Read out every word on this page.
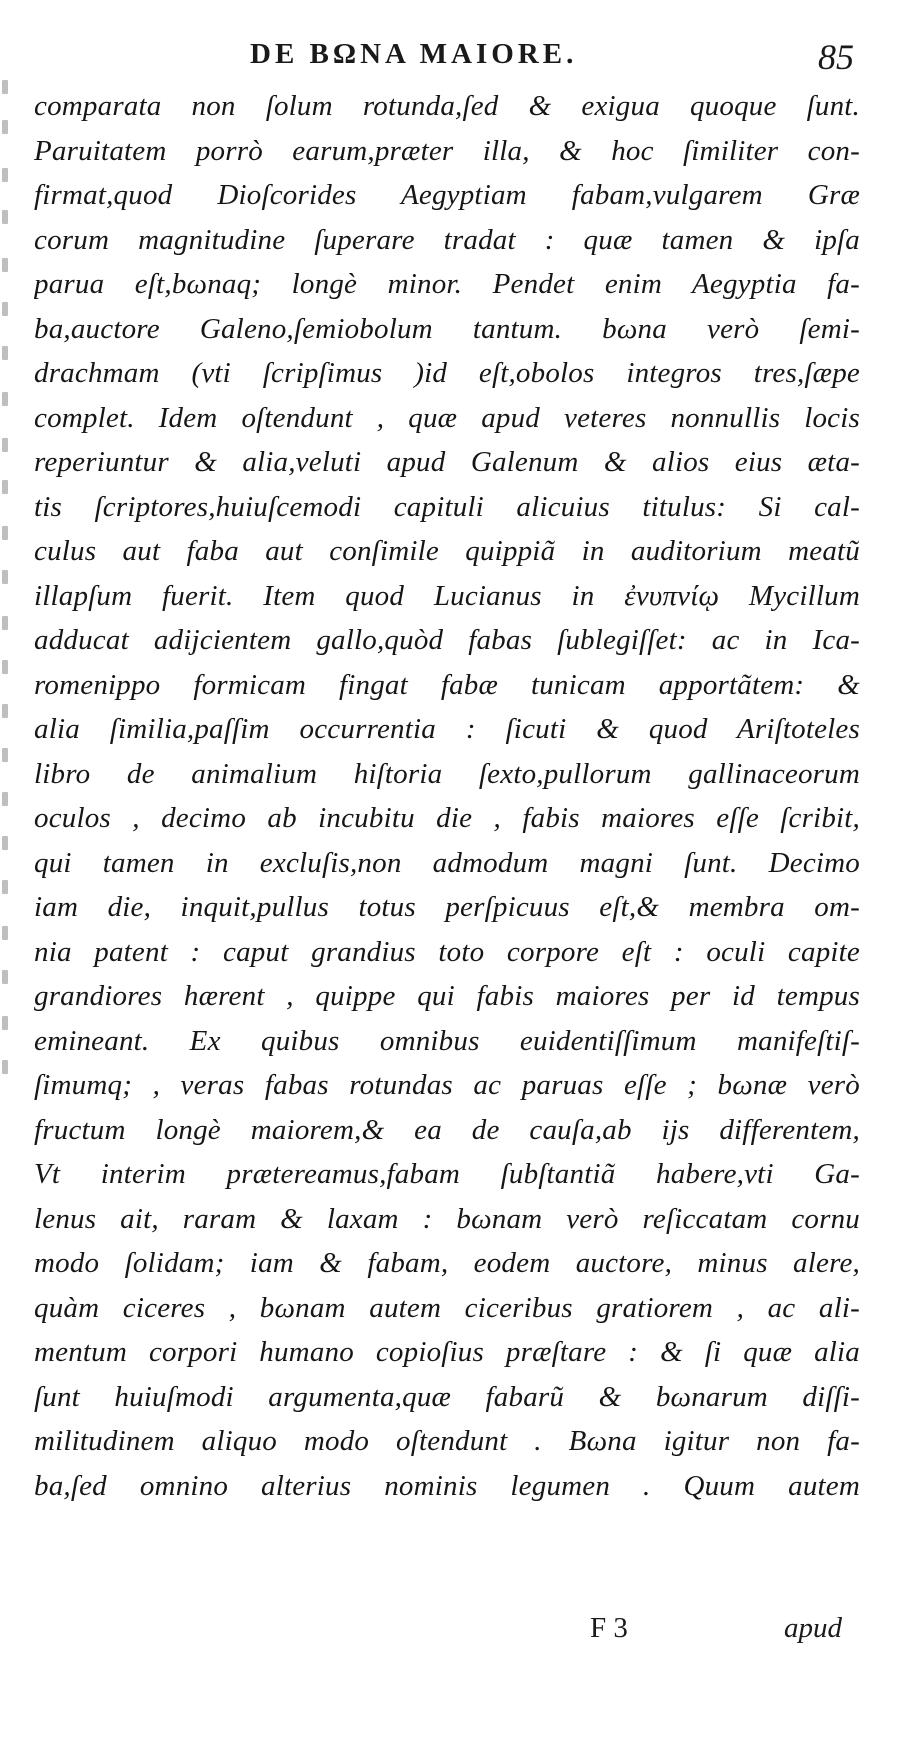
DE BΩNA MAIORE.	85
comparata non ſolum rotunda,ſed & exigua quoque ſunt.
Paruitatem porrò earum,præter illa, & hoc ſimiliter con-
firmat,quod Dioſcorides Aegyptiam fabam,vulgarem Græ
corum magnitudine ſuperare tradat : quæ tamen & ipſa
parua eſt,bωnaq; longè minor. Pendet enim Aegyptia fa-
ba,auctore Galeno,ſemiobolum tantum. bωna verò ſemi-
drachmam (vti ſcripſimus )id eſt,obolos integros tres,ſæpe
complet. Idem oſtendunt , quæ apud veteres nonnullis locis
reperiuntur & alia,veluti apud Galenum & alios eius æta-
tis ſcriptores,huiuſcemodi capituli alicuius titulus: Si cal-
culus aut faba aut conſimile quippiã in auditorium meatũ
illapſum fuerit. Item quod Lucianus in ἐνυπνίῳ Mycillum
adducat adijcientem gallo,quòd fabas ſublegiſſet: ac in Ica-
romenippo formicam fingat fabæ tunicam apportãtem: &
alia ſimilia,paſſim occurrentia : ſicuti & quod Ariſtoteles
libro de animalium hiſtoria ſexto,pullorum gallinaceorum
oculos , decimo ab incubitu die , fabis maiores eſſe ſcribit,
qui tamen in excluſis,non admodum magni ſunt. Decimo
iam die, inquit,pullus totus perſpicuus eſt,& membra om-
nia patent : caput grandius toto corpore eſt : oculi capite
grandiores hærent , quippe qui fabis maiores per id tempus
emineant. Ex quibus omnibus euidentiſſimum manifeſtiſ-
ſimumq; , veras fabas rotundas ac paruas eſſe ; bωnæ verò
fructum longè maiorem,& ea de cauſa,ab ijs differentem,
Vt interim prætereamus,fabam ſubſtantiã habere,vti Ga-
lenus ait, raram & laxam : bωnam verò reſiccatam cornu
modo ſolidam; iam & fabam, eodem auctore, minus alere,
quàm ciceres , bωnam autem ciceribus gratiorem , ac ali-
mentum corpori humano copioſius præſtare : & ſi quæ alia
ſunt huiuſmodi argumenta,quæ fabarũ & bωnarum diſſi-
militudinem aliquo modo oſtendunt . Bωna igitur non fa-
ba,ſed omnino alterius nominis legumen . Quum autem
F 3	apud
